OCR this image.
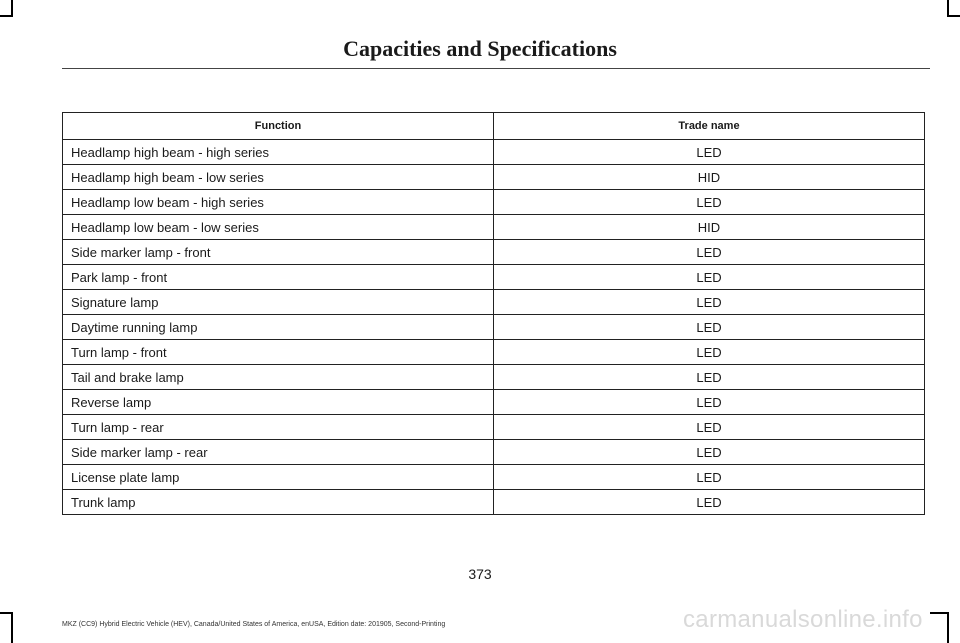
Capacities and Specifications
Function	Trade name
Headlamp high beam - high series	LED
Headlamp high beam - low series	HID
Headlamp low beam - high series	LED
Headlamp low beam - low series	HID
Side marker lamp - front	LED
Park lamp - front	LED
Signature lamp	LED
Daytime running lamp	LED
Turn lamp - front	LED
Tail and brake lamp	LED
Reverse lamp	LED
Turn lamp - rear	LED
Side marker lamp - rear	LED
License plate lamp	LED
Trunk lamp	LED
373
MKZ (CC9) Hybrid Electric Vehicle (HEV), Canada/United States of America, enUSA, Edition date: 201905, Second-Printing	carmanualsonline.info
